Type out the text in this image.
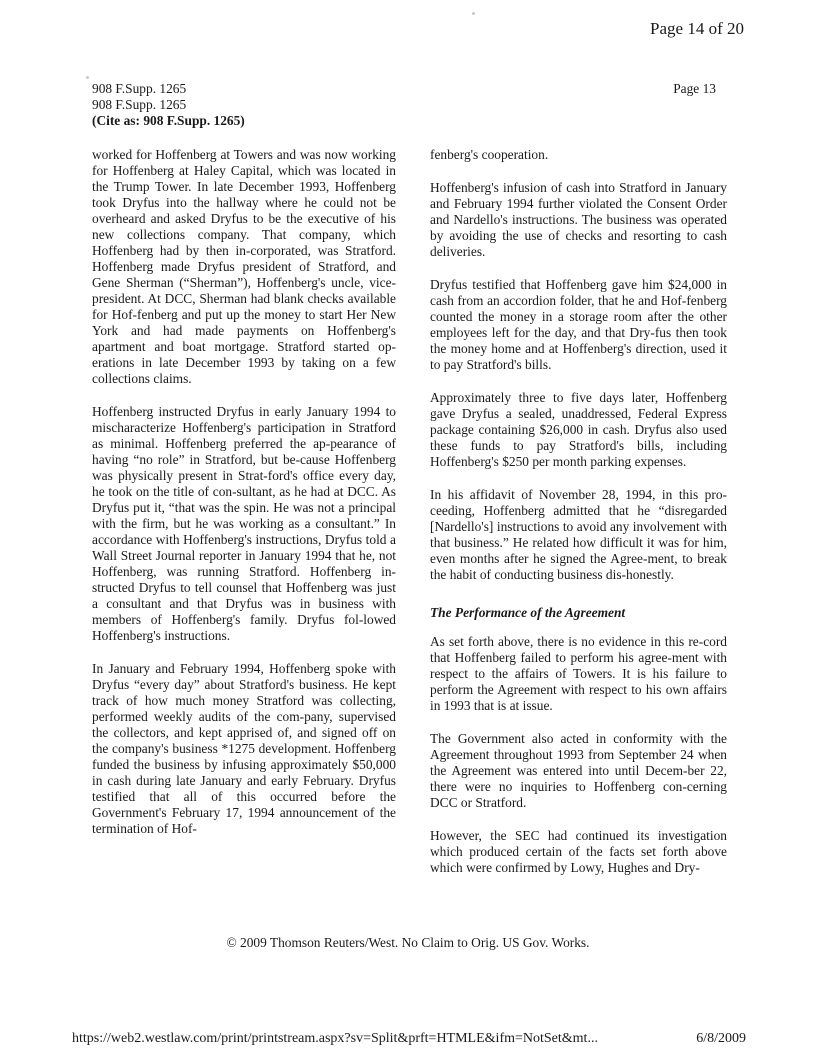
Page 14 of 20
908 F.Supp. 1265
908 F.Supp. 1265
(Cite as: 908 F.Supp. 1265)
Page 13

worked for Hoffenberg at Towers and was now working for Hoffenberg at Haley Capital, which was located in the Trump Tower. In late December 1993, Hoffenberg took Dryfus into the hallway where he could not be overheard and asked Dryfus to be the executive of his new collections company. That company, which Hoffenberg had by then in-corporated, was Stratford. Hoffenberg made Dryfus president of Stratford, and Gene Sherman (“Sherman”), Hoffenberg's uncle, vice-president. At DCC, Sherman had blank checks available for Hof-fenberg and put up the money to start Her New York and had made payments on Hoffenberg's apartment and boat mortgage. Stratford started op-erations in late December 1993 by taking on a few collections claims.

Hoffenberg instructed Dryfus in early January 1994 to mischaracterize Hoffenberg's participation in Stratford as minimal. Hoffenberg preferred the ap-pearance of having “no role” in Stratford, but be-cause Hoffenberg was physically present in Strat-ford's office every day, he took on the title of con-sultant, as he had at DCC. As Dryfus put it, “that was the spin. He was not a principal with the firm, but he was working as a consultant.” In accordance with Hoffenberg's instructions, Dryfus told a Wall Street Journal reporter in January 1994 that he, not Hoffenberg, was running Stratford. Hoffenberg in-structed Dryfus to tell counsel that Hoffenberg was just a consultant and that Dryfus was in business with members of Hoffenberg's family. Dryfus fol-lowed Hoffenberg's instructions.

In January and February 1994, Hoffenberg spoke with Dryfus “every day” about Stratford's business. He kept track of how much money Stratford was collecting, performed weekly audits of the com-pany, supervised the collectors, and kept apprised of, and signed off on the company's business *1275 development. Hoffenberg funded the business by infusing approximately $50,000 in cash during late January and early February. Dryfus testified that all of this occurred before the Government's February 17, 1994 announcement of the termination of Hof-

fenberg's cooperation.

Hoffenberg's infusion of cash into Stratford in January and February 1994 further violated the Consent Order and Nardello's instructions. The business was operated by avoiding the use of checks and resorting to cash deliveries.

Dryfus testified that Hoffenberg gave him $24,000 in cash from an accordion folder, that he and Hof-fenberg counted the money in a storage room after the other employees left for the day, and that Dry-fus then took the money home and at Hoffenberg's direction, used it to pay Stratford's bills.

Approximately three to five days later, Hoffenberg gave Dryfus a sealed, unaddressed, Federal Express package containing $26,000 in cash. Dryfus also used these funds to pay Stratford's bills, including Hoffenberg's $250 per month parking expenses.

In his affidavit of November 28, 1994, in this pro-ceeding, Hoffenberg admitted that he “disregarded [Nardello's] instructions to avoid any involvement with that business.” He related how difficult it was for him, even months after he signed the Agree-ment, to break the habit of conducting business dis-honestly.

The Performance of the Agreement

As set forth above, there is no evidence in this re-cord that Hoffenberg failed to perform his agree-ment with respect to the affairs of Towers. It is his failure to perform the Agreement with respect to his own affairs in 1993 that is at issue.

The Government also acted in conformity with the Agreement throughout 1993 from September 24 when the Agreement was entered into until Decem-ber 22, there were no inquiries to Hoffenberg con-cerning DCC or Stratford.

However, the SEC had continued its investigation which produced certain of the facts set forth above which were confirmed by Lowy, Hughes and Dry-

© 2009 Thomson Reuters/West. No Claim to Orig. US Gov. Works.
https://web2.westlaw.com/print/printstream.aspx?sv=Split&prft=HTMLE&ifm=NotSet&mt...	6/8/2009
